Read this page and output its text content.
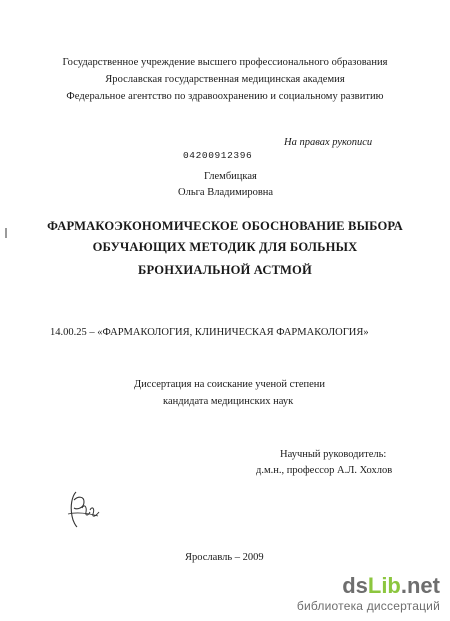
Государственное учреждение высшего профессионального образования
Ярославская государственная медицинская академия
Федеральное агентство по здравоохранению и социальному развитию
На правах рукописи
04200912396
Глембицкая
Ольга Владимировна
ФАРМАКОЭКОНОМИЧЕСКОЕ ОБОСНОВАНИЕ ВЫБОРА
ОБУЧАЮЩИХ МЕТОДИК ДЛЯ БОЛЬНЫХ
БРОНХИАЛЬНОЙ АСТМОЙ
14.00.25 – «ФАРМАКОЛОГИЯ, КЛИНИЧЕСКАЯ ФАРМАКОЛОГИЯ»
Диссертация на соискание ученой степени
кандидата медицинских наук
Научный руководитель:
д.м.н., профессор А.Л. Хохлов
Ярославль – 2009
dsLib.net
библиотека диссертаций
